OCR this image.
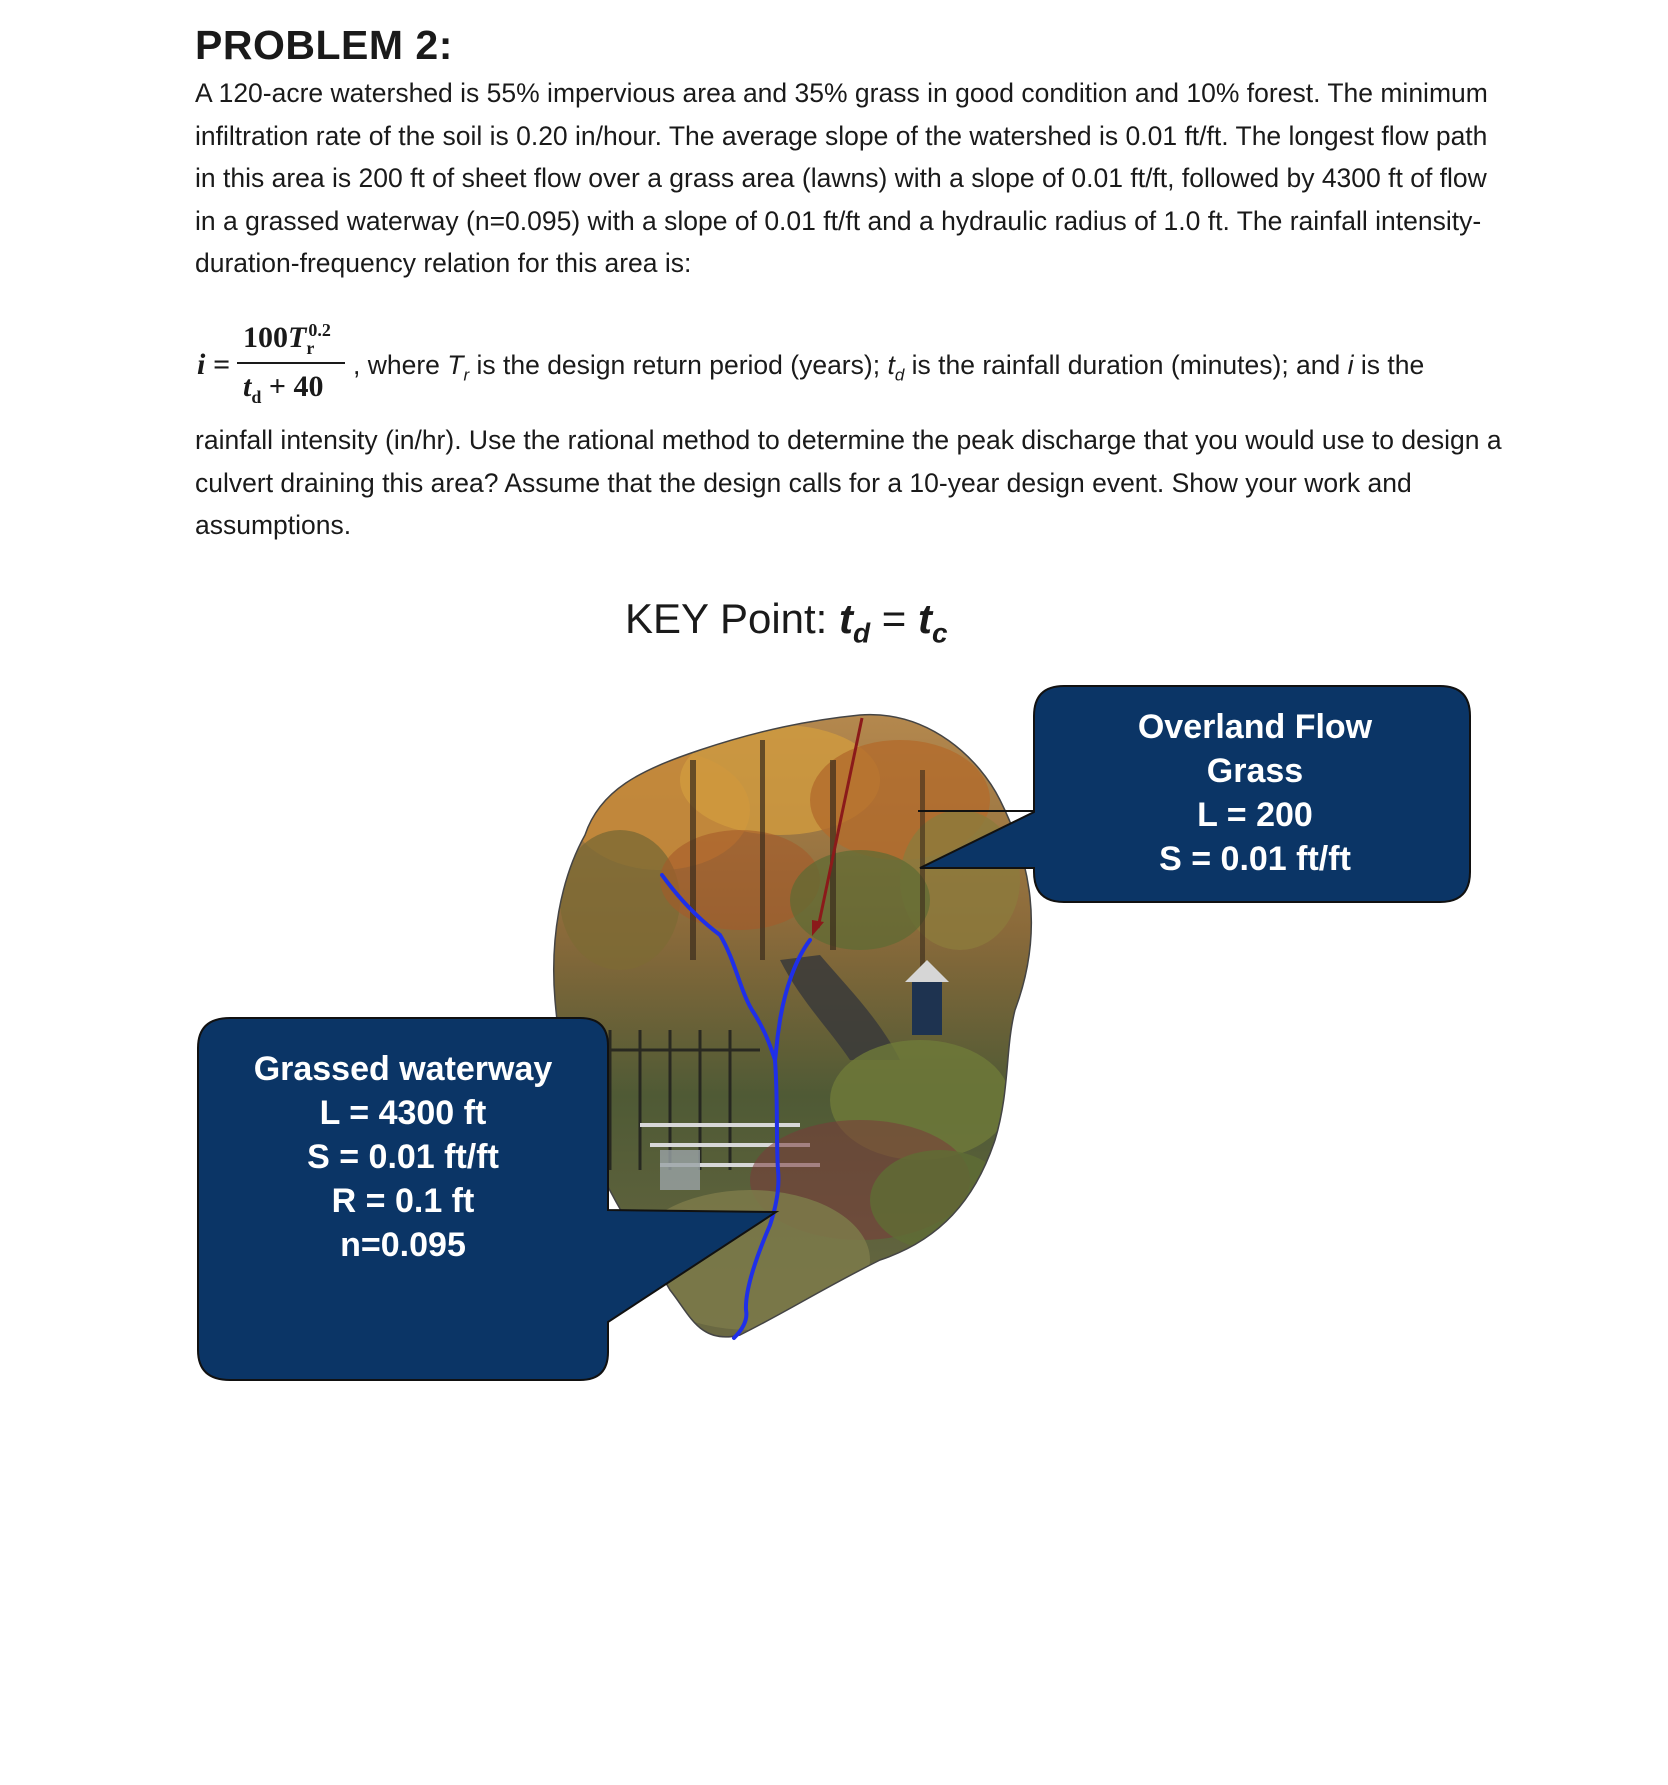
PROBLEM 2:
A 120-acre watershed is 55% impervious area and 35% grass in good condition and 10% forest. The minimum infiltration rate of the soil is 0.20 in/hour. The average slope of the watershed is 0.01 ft/ft. The longest flow path in this area is 200 ft of sheet flow over a grass area (lawns) with a slope of 0.01 ft/ft, followed by 4300 ft of flow in a grassed waterway (n=0.095) with a slope of 0.01 ft/ft and a hydraulic radius of 1.0 ft. The rainfall intensity-duration-frequency relation for this area is:
i =
$100T_r^{0.2}$
$t_d + 40$
, where $T_r$ is the design return period (years); $t_d$ is the rainfall duration (minutes); and i is the
rainfall intensity (in/hr). Use the rational method to determine the peak discharge that you would use to design a culvert draining this area? Assume that the design calls for a 10-year design event. Show your work and assumptions.
KEY Point: $t_d = t_c$
Overland Flow
Grass
L = 200
S = 0.01 ft/ft
Grassed waterway
L = 4300 ft
S = 0.01 ft/ft
R = 0.1 ft
n=0.095
